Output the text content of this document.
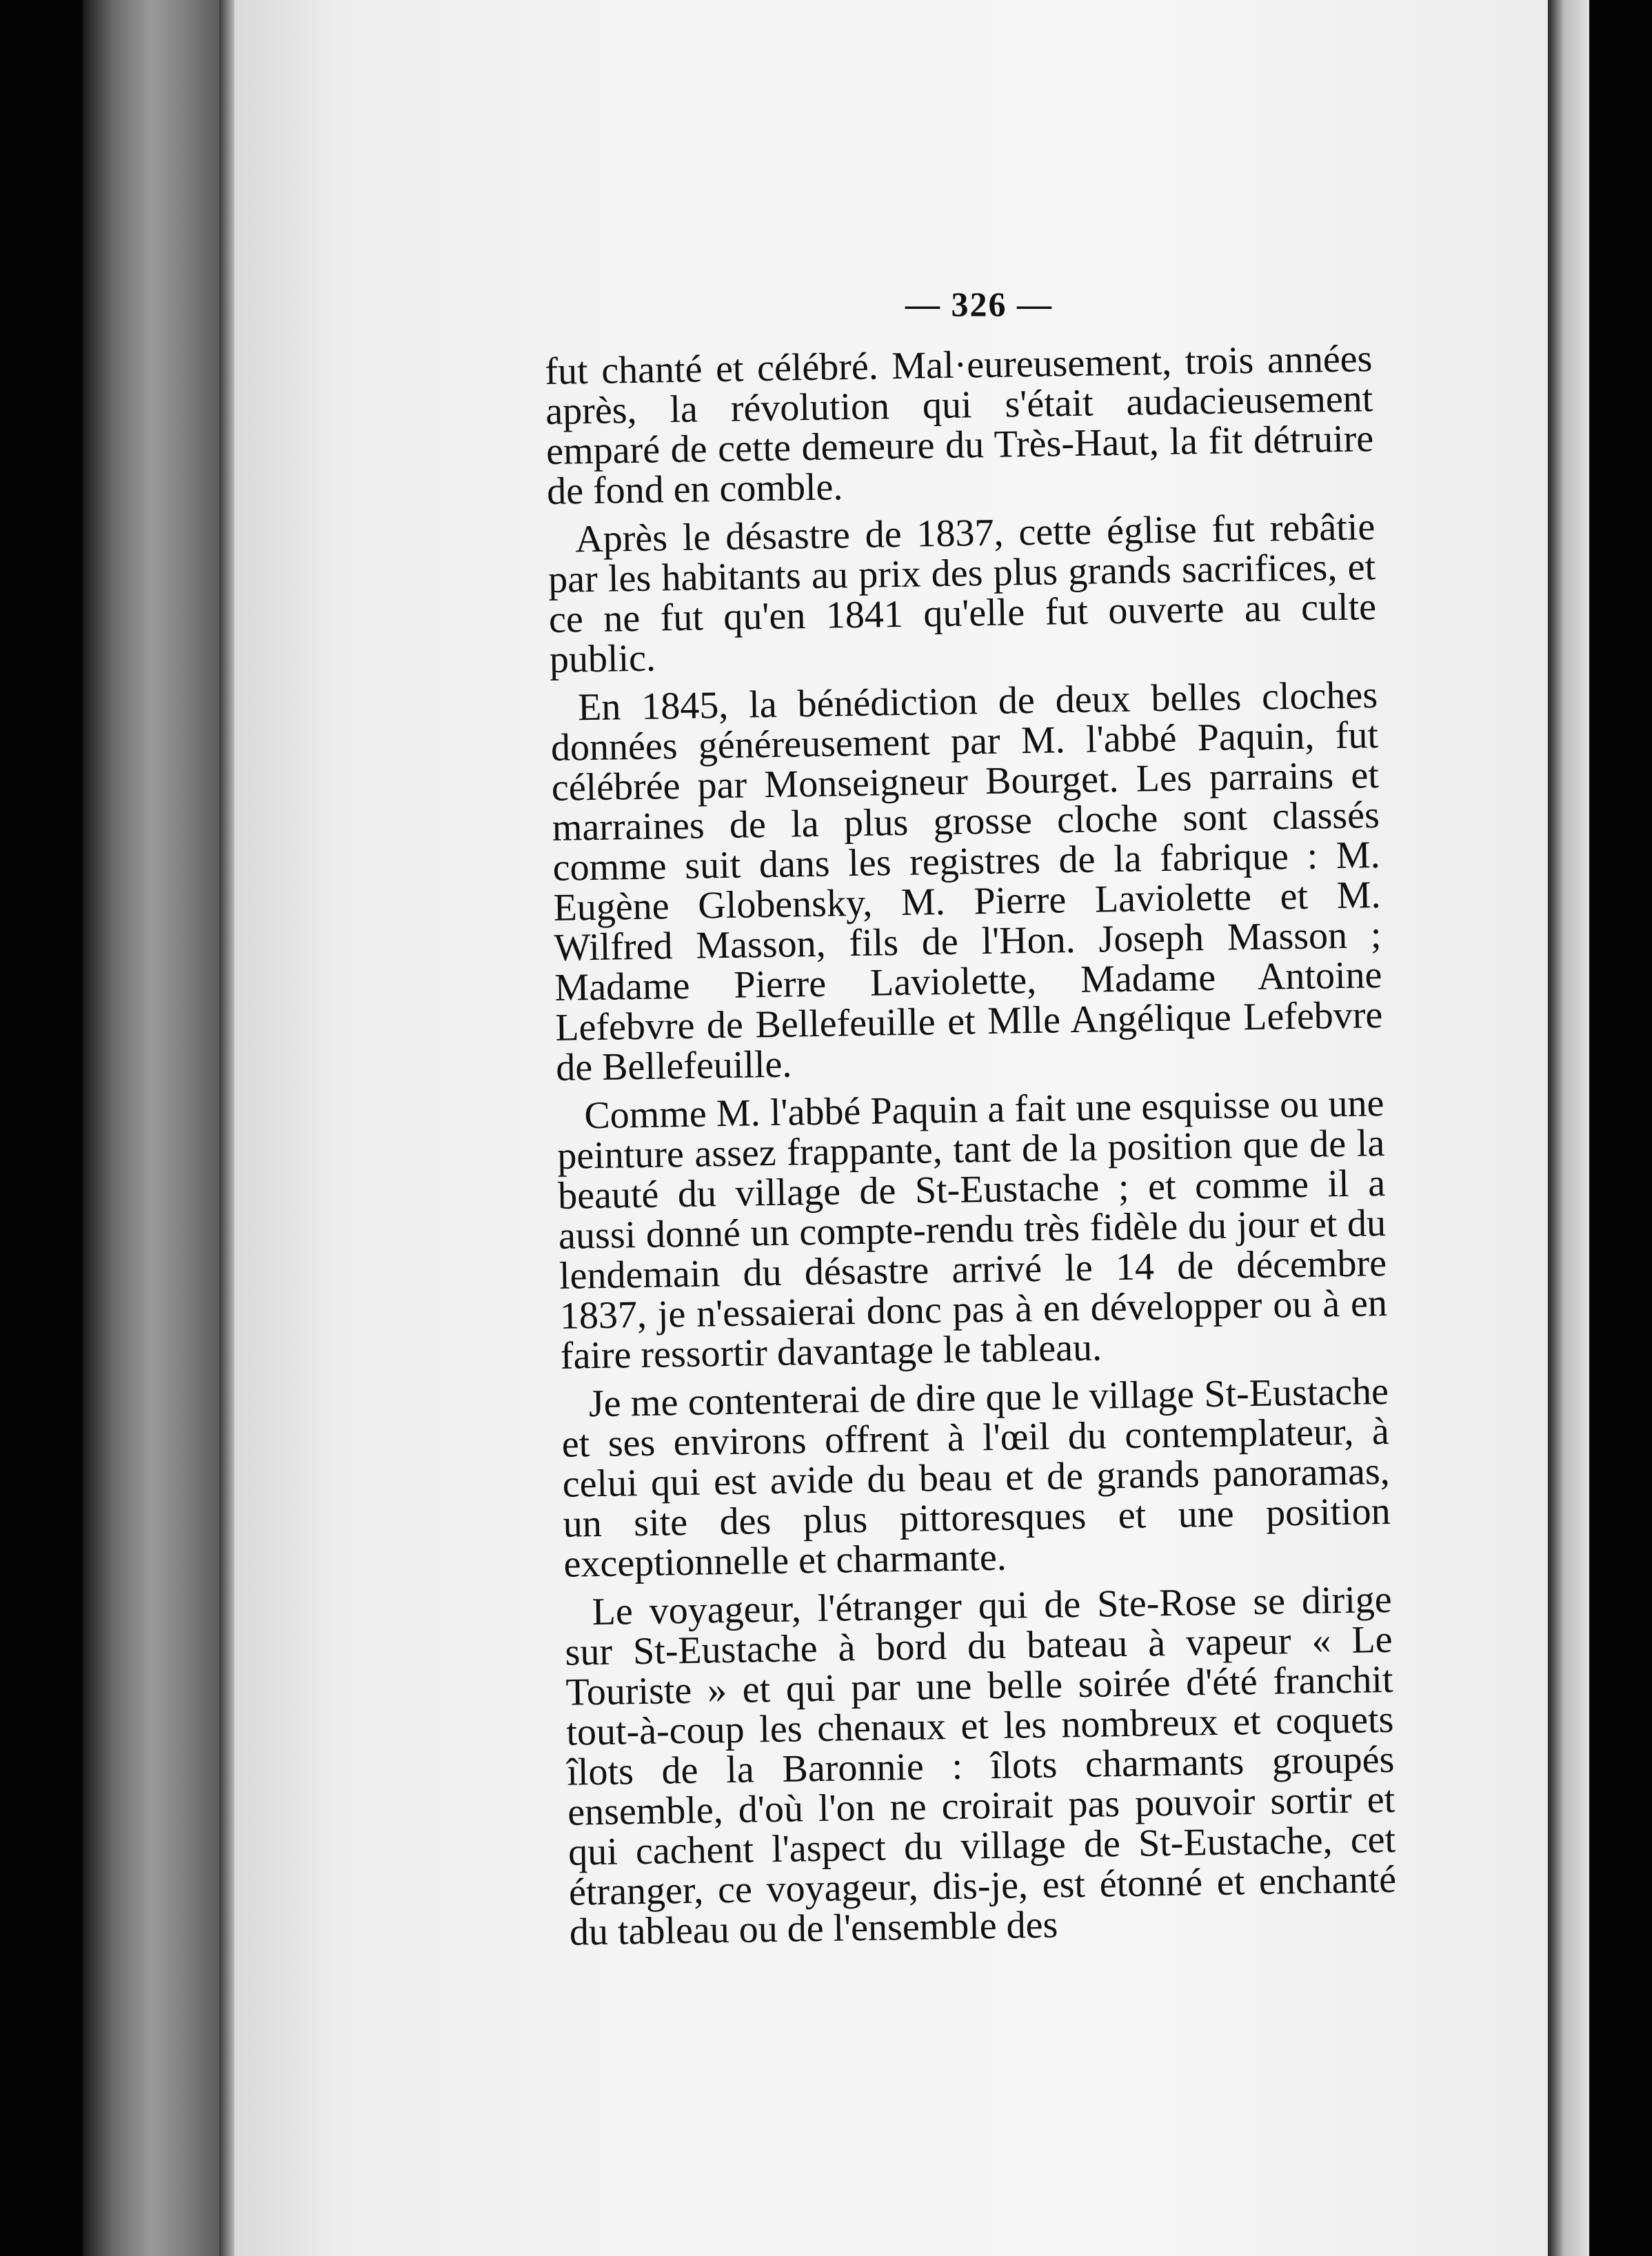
— 326 —

fut chanté et célébré. Mal·eureusement, trois années après, la révolution qui s'était audacieusement emparé de cette demeure du Très-Haut, la fit détruire de fond en comble.

Après le désastre de 1837, cette église fut rebâtie par les habitants au prix des plus grands sacrifices, et ce ne fut qu'en 1841 qu'elle fut ouverte au culte public.

En 1845, la bénédiction de deux belles cloches données généreusement par M. l'abbé Paquin, fut célébrée par Monseigneur Bourget. Les parrains et marraines de la plus grosse cloche sont classés comme suit dans les registres de la fabrique : M. Eugène Globensky, M. Pierre Laviolette et M. Wilfred Masson, fils de l'Hon. Joseph Masson ; Madame Pierre Laviolette, Madame Antoine Lefebvre de Bellefeuille et Mlle Angélique Lefebvre de Bellefeuille.

Comme M. l'abbé Paquin a fait une esquisse ou une peinture assez frappante, tant de la position que de la beauté du village de St-Eustache ; et comme il a aussi donné un compte-rendu très fidèle du jour et du lendemain du désastre arrivé le 14 de décembre 1837, je n'essaierai donc pas à en développer ou à en faire ressortir davantage le tableau.

Je me contenterai de dire que le village St-Eustache et ses environs offrent à l'œil du contemplateur, à celui qui est avide du beau et de grands panoramas, un site des plus pittoresques et une position exceptionnelle et charmante.

Le voyageur, l'étranger qui de Ste-Rose se dirige sur St-Eustache à bord du bateau à vapeur « Le Touriste » et qui par une belle soirée d'été franchit tout-à-coup les chenaux et les nombreux et coquets îlots de la Baronnie : îlots charmants groupés ensemble, d'où l'on ne croirait pas pouvoir sortir et qui cachent l'aspect du village de St-Eustache, cet étranger, ce voyageur, dis-je, est étonné et enchanté du tableau ou de l'ensemble des
